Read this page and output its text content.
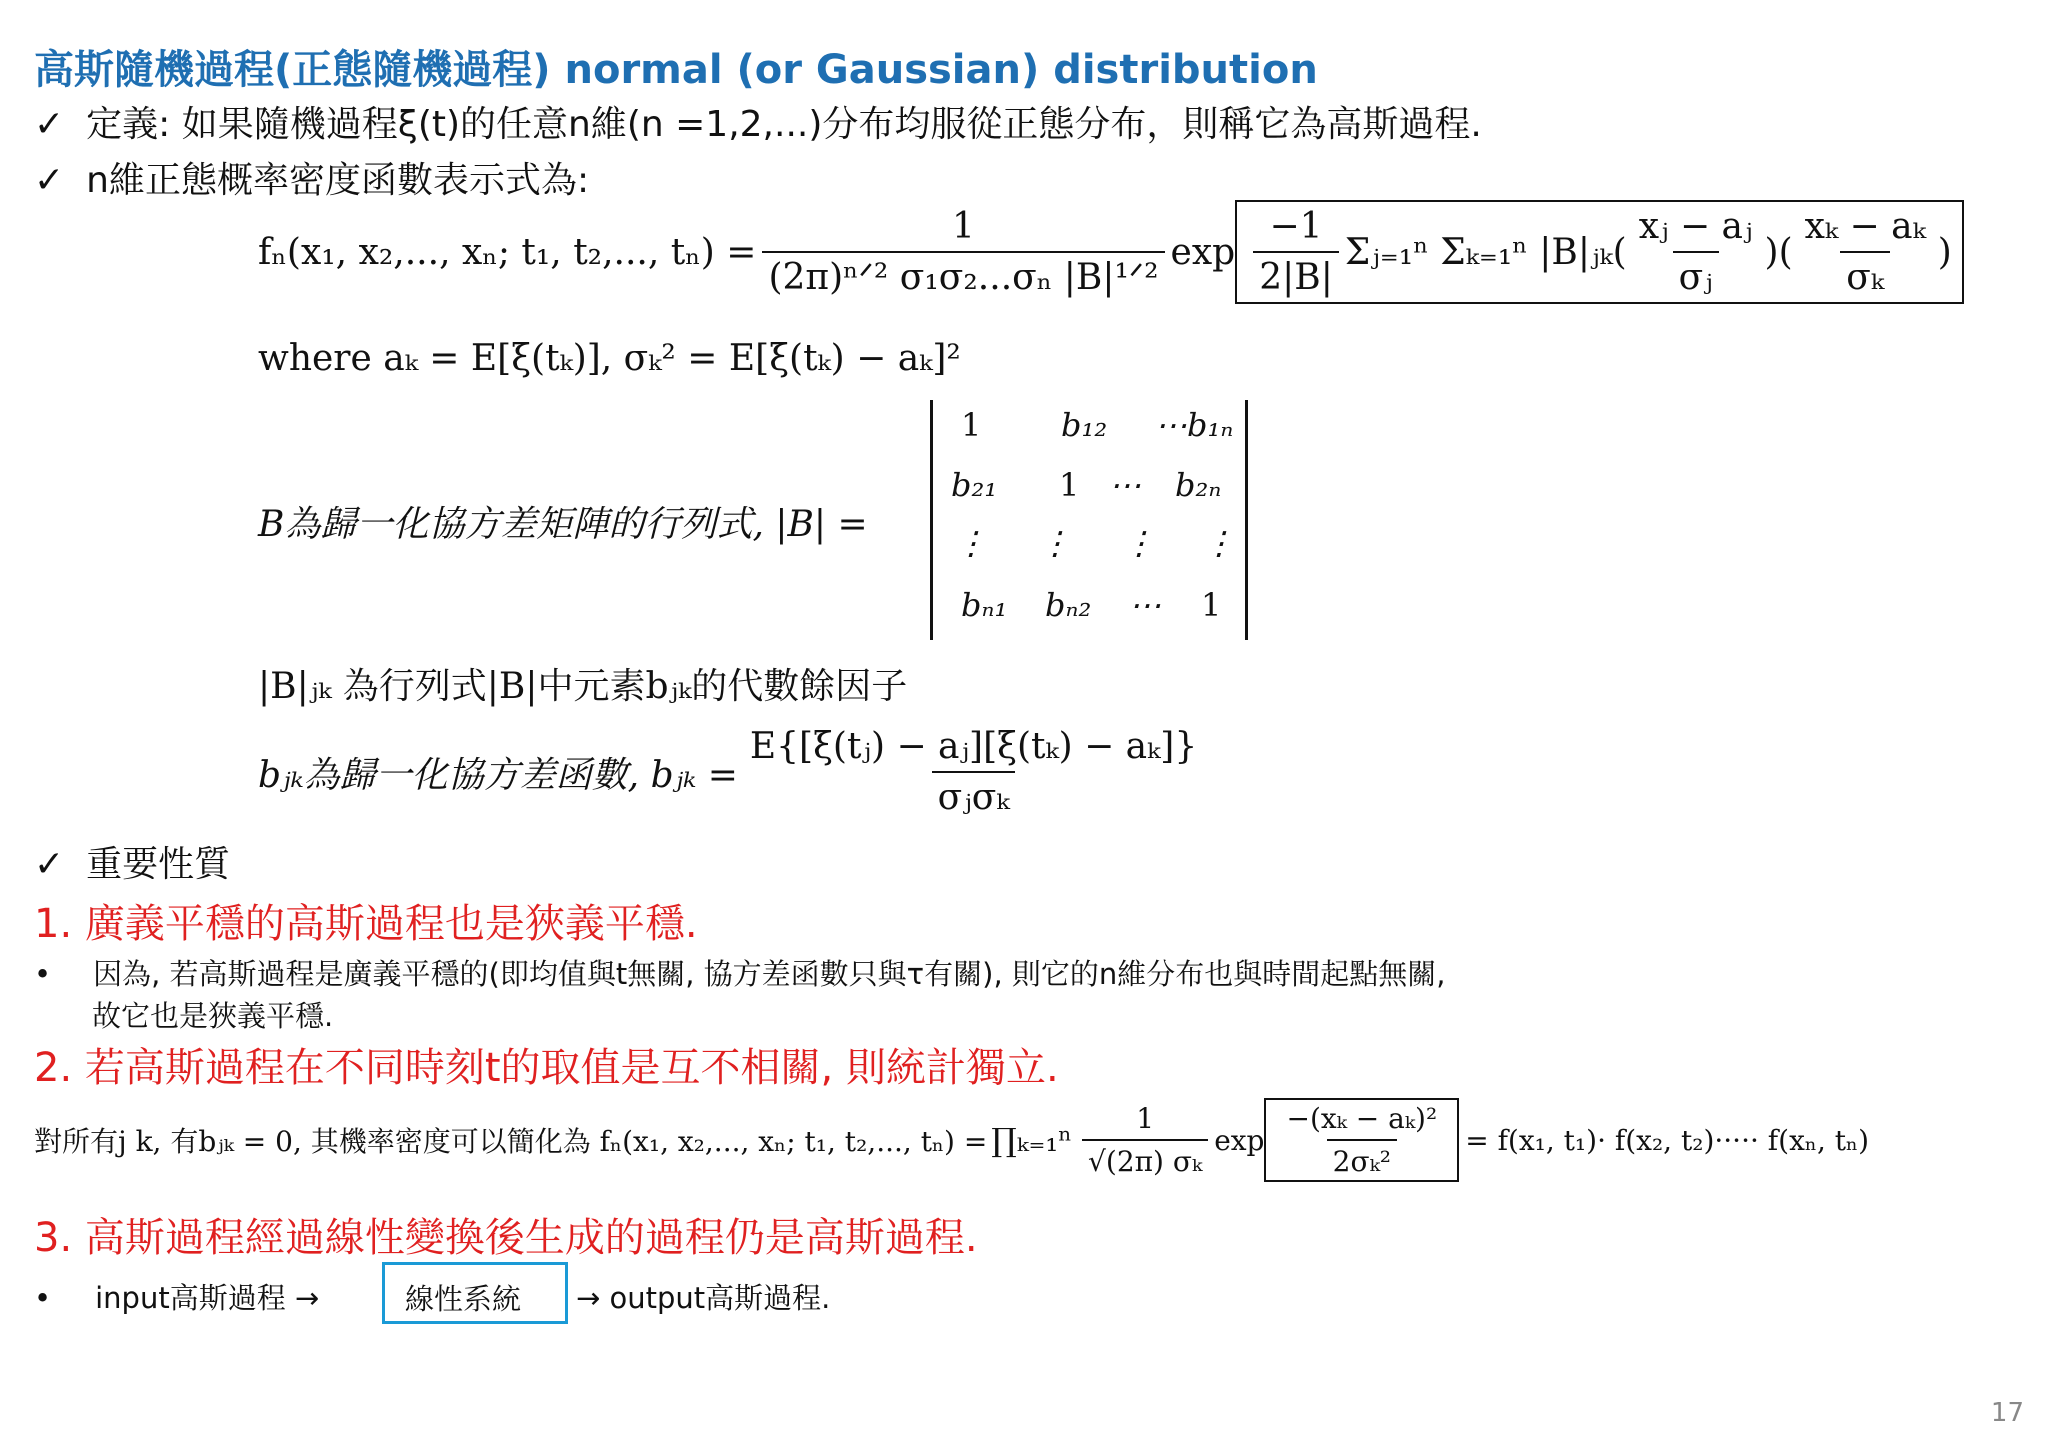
高斯隨機過程(正態隨機過程) normal (or Gaussian) distribution
✓ 定義: 如果隨機過程ξ(t)的任意n維(n =1,2,...)分布均服從正態分布，則稱它為高斯過程.
✓ n維正態概率密度函數表示式為:
fₙ(x₁, x₂,..., xₙ; t₁, t₂,..., $t_n) = \frac{1}{\text{(2π)ⁿᐟ² σ₁σ₂...σₙ |B|¹ᐟ²}}$ $\exp \frac{-1}{2|B|}$ Σⱼ₌₁ⁿ Σₖ₌₁ⁿ |B|ⱼₖ ( $\frac{\text{xⱼ − aⱼ}}{\text{σⱼ}}$ )( $\frac{\text{xₖ − aₖ}}{\text{σₖ}}$ )
where aₖ = E[ξ(tₖ)], σₖ² = E[ξ(tₖ) − aₖ]²
B為歸一化協方差矩陣的行列式, |B| =
1 b₁₂ ⋯b₁ₙ
b₂₁ 1 ⋯ b₂ₙ
⋮ ⋮ ⋮ ⋮
bₙ₁ bₙ₂ ⋯ 1
|B|ⱼₖ 為行列式|B|中元素bⱼₖ的代數餘因子
bⱼₖ為歸一化協方差函數, bⱼₖ = $\frac{\text{E\{[ξ(tⱼ) − aⱼ][ξ(tₖ) − aₖ]\}}}{\text{σⱼσₖ}}$
✓ 重要性質
1. 廣義平穩的高斯過程也是狹義平穩.
• 因為, 若高斯過程是廣義平穩的(即均值與t無關, 協方差函數只與τ有關), 則它的n維分布也與時間起點無關,
故它也是狹義平穩.
2. 若高斯過程在不同時刻t的取值是互不相關, 則統計獨立.
對所有j k, 有bⱼₖ = 0, 其機率密度可以簡化為 fₙ(x₁, x₂,..., xₙ; t₁, t₂,..., tₙ) = ∏ₖ₌₁ⁿ $\frac{1}{\text{√(2π) σₖ}}$ $\exp \frac{\text{−(xₖ − aₖ)²}}{\text{2σₖ²}} = f(x_1$, t₁)· f(x₂, t₂)····· f(xₙ, tₙ)
3. 高斯過程經過線性變換後生成的過程仍是高斯過程.
• input高斯過程 →	線性系統 → output高斯過程.
17
